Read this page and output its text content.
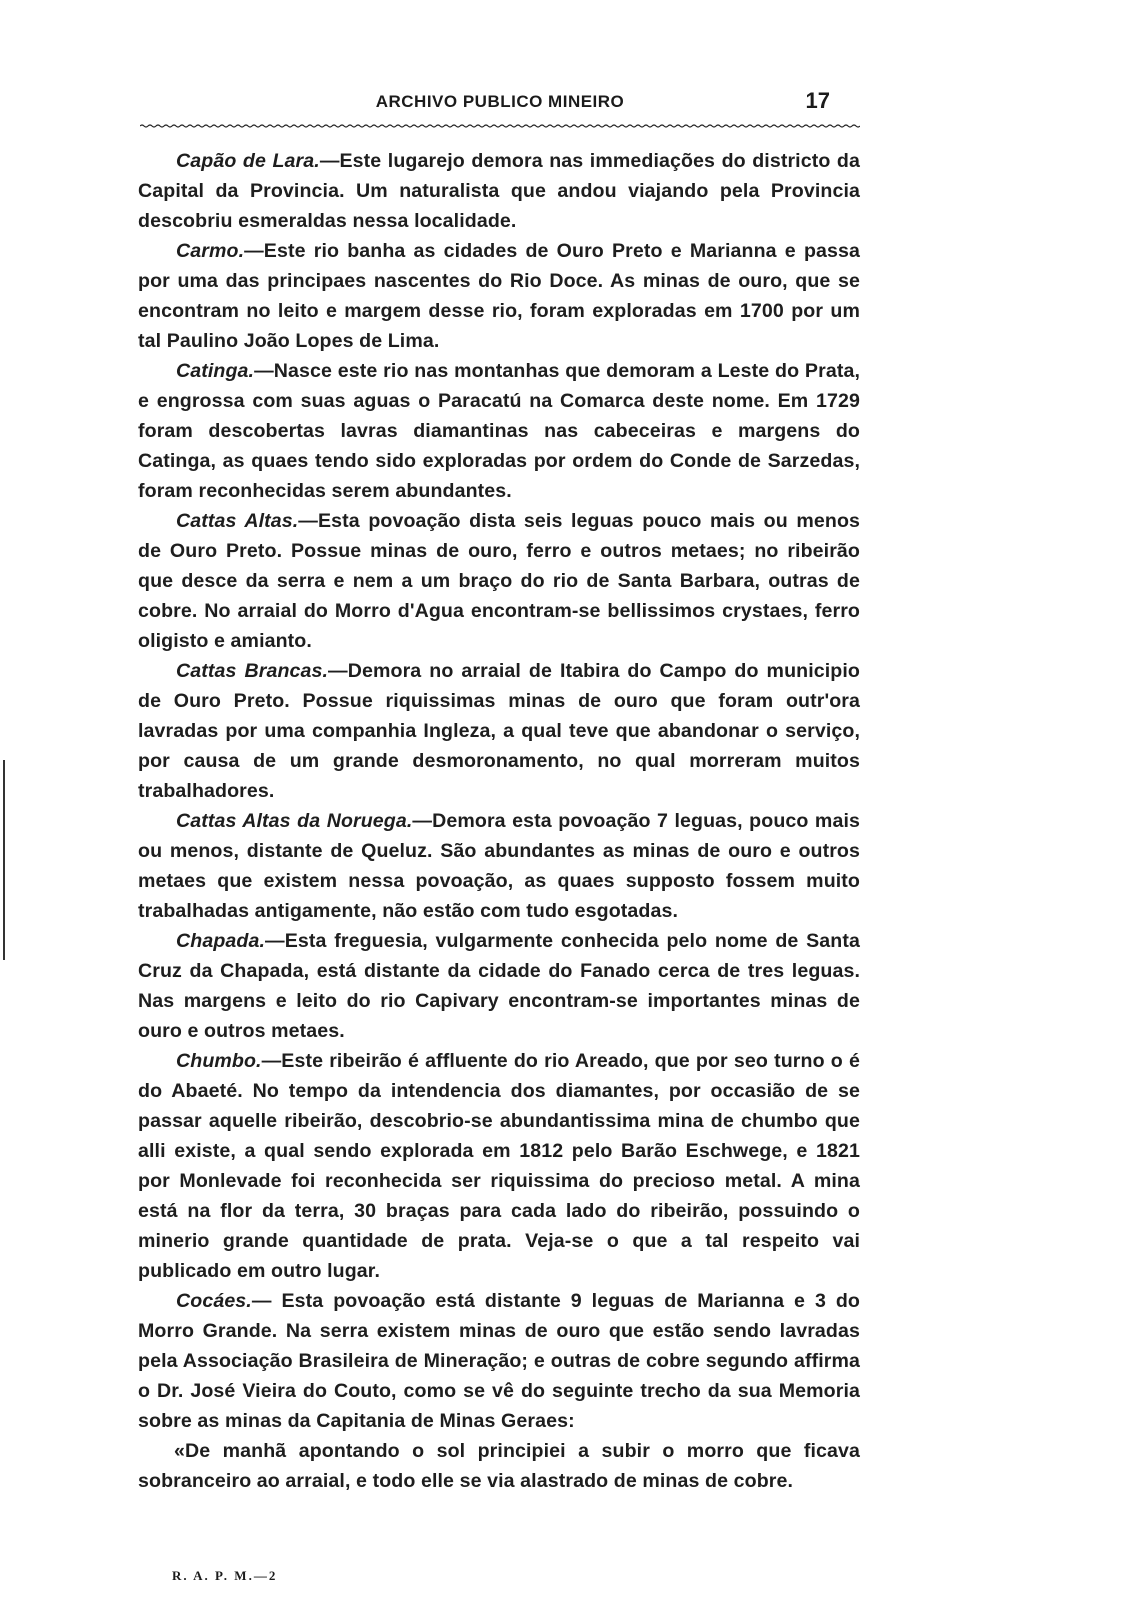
ARCHIVO PUBLICO MINEIRO	17

Capão de Lara.—Este lugarejo demora nas immediações do districto da Capital da Provincia. Um naturalista que andou viajando pela Provincia descobriu esmeraldas nessa localidade.

Carmo.—Este rio banha as cidades de Ouro Preto e Marianna e passa por uma das principaes nascentes do Rio Doce. As minas de ouro, que se encontram no leito e margem desse rio, foram exploradas em 1700 por um tal Paulino João Lopes de Lima.

Catinga.—Nasce este rio nas montanhas que demoram a Leste do Prata, e engrossa com suas aguas o Paracatú na Comarca deste nome. Em 1729 foram descobertas lavras diamantinas nas cabeceiras e margens do Catinga, as quaes tendo sido exploradas por ordem do Conde de Sarzedas, foram reconhecidas serem abundantes.

Cattas Altas.—Esta povoação dista seis leguas pouco mais ou menos de Ouro Preto. Possue minas de ouro, ferro e outros metaes; no ribeirão que desce da serra e nem a um braço do rio de Santa Barbara, outras de cobre. No arraial do Morro d'Agua encontram-se bellissimos crystaes, ferro oligisto e amianto.

Cattas Brancas.—Demora no arraial de Itabira do Campo do municipio de Ouro Preto. Possue riquissimas minas de ouro que foram outr'ora lavradas por uma companhia Ingleza, a qual teve que abandonar o serviço, por causa de um grande desmoronamento, no qual morreram muitos trabalhadores.

Cattas Altas da Noruega.—Demora esta povoação 7 leguas, pouco mais ou menos, distante de Queluz. São abundantes as minas de ouro e outros metaes que existem nessa povoação, as quaes supposto fossem muito trabalhadas antigamente, não estão com tudo esgotadas.

Chapada.—Esta freguesia, vulgarmente conhecida pelo nome de Santa Cruz da Chapada, está distante da cidade do Fanado cerca de tres leguas. Nas margens e leito do rio Capivary encontram-se importantes minas de ouro e outros metaes.

Chumbo.—Este ribeirão é affluente do rio Areado, que por seo turno o é do Abaeté. No tempo da intendencia dos diamantes, por occasião de se passar aquelle ribeirão, descobrio-se abundantissima mina de chumbo que alli existe, a qual sendo explorada em 1812 pelo Barão Eschwege, e 1821 por Monlevade foi reconhecida ser riquissima do precioso metal. A mina está na flor da terra, 30 braças para cada lado do ribeirão, possuindo o minerio grande quantidade de prata. Veja-se o que a tal respeito vai publicado em outro lugar.

Cocáes.— Esta povoação está distante 9 leguas de Marianna e 3 do Morro Grande. Na serra existem minas de ouro que estão sendo lavradas pela Associação Brasileira de Mineração; e outras de cobre segundo affirma o Dr. José Vieira do Couto, como se vê do seguinte trecho da sua Memoria sobre as minas da Capitania de Minas Geraes:

«De manhã apontando o sol principiei a subir o morro que ficava sobranceiro ao arraial, e todo elle se via alastrado de minas de cobre.

R. A. P. M.—2
